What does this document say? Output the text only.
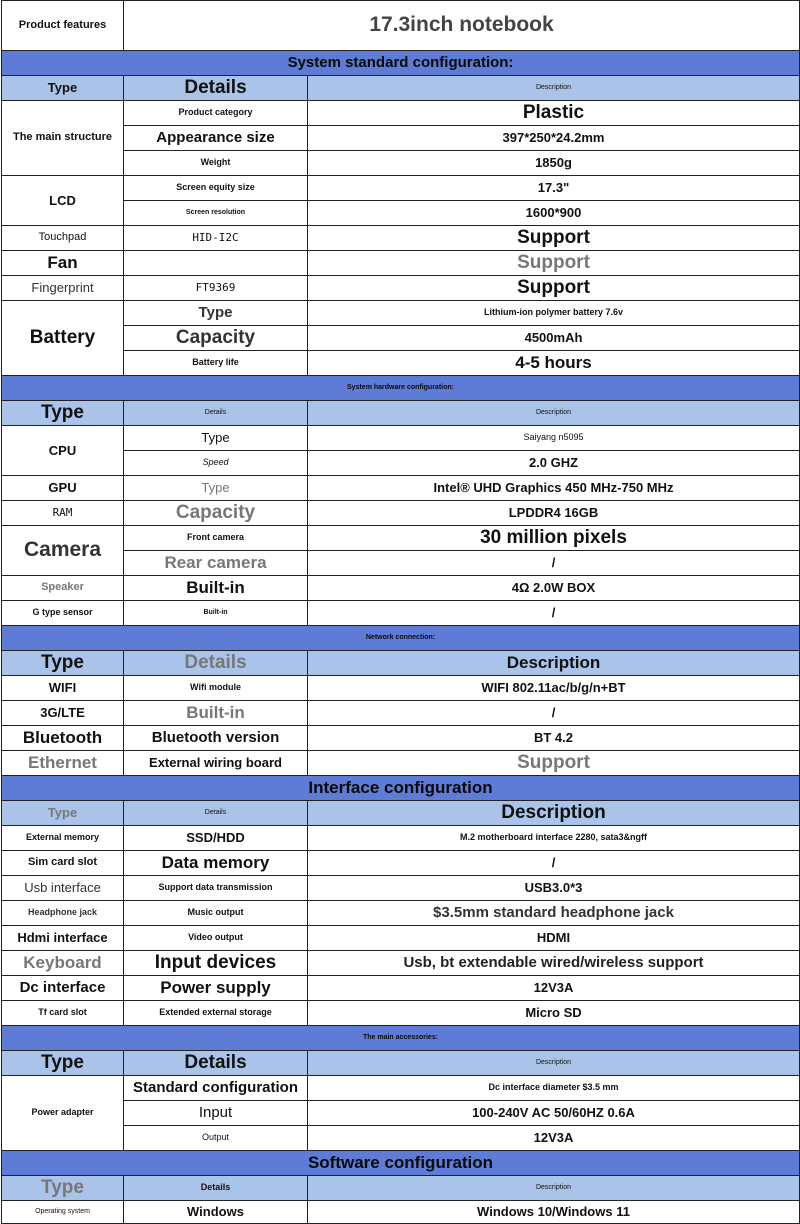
Product features	17.3inch notebook	
System standard configuration:		
Type	Details	Description
The main structure	Product category	Plastic
	Appearance size	397*250*24.2mm
	Weight	1850g
LCD	Screen equity size	17.3"
	Screen resolution	1600*900
Touchpad	HID-I2C	Support
Fan		Support
Fingerprint	FT9369	Support
Battery	Type	Lithium-ion polymer battery 7.6v
	Capacity	4500mAh
	Battery life	4-5 hours
System hardware configuration:		
Type	Details	Description
CPU	Type	Saiyang n5095
	Speed	2.0 GHZ
GPU	Type	Intel® UHD Graphics 450 MHz-750 MHz
RAM	Capacity	LPDDR4 16GB
Camera	Front camera	30 million pixels
	Rear camera	/
Speaker	Built-in	4Ω 2.0W BOX
G type sensor	Built-in	/
Network connection:		
Type	Details	Description
WIFI	Wifi module	WIFI 802.11ac/b/g/n+BT
3G/LTE	Built-in	/
Bluetooth	Bluetooth version	BT 4.2
Ethernet	External wiring board	Support
Interface configuration		
Type	Details	Description
External memory	SSD/HDD	M.2 motherboard interface 2280, sata3&ngff
Sim card slot	Data memory	/
Usb interface	Support data transmission	USB3.0*3
Headphone jack	Music output	$3.5mm standard headphone jack
Hdmi interface	Video output	HDMI
Keyboard	Input devices	Usb, bt extendable wired/wireless support
Dc interface	Power supply	12V3A
Tf card slot	Extended external storage	Micro SD
The main accessories:		
Type	Details	Description
Power adapter	Standard configuration	Dc interface diameter $3.5 mm
	Input	100-240V AC 50/60HZ 0.6A
	Output	12V3A
Software configuration		
Type	Details	Description
Operating system	Windows	Windows 10/Windows 11
